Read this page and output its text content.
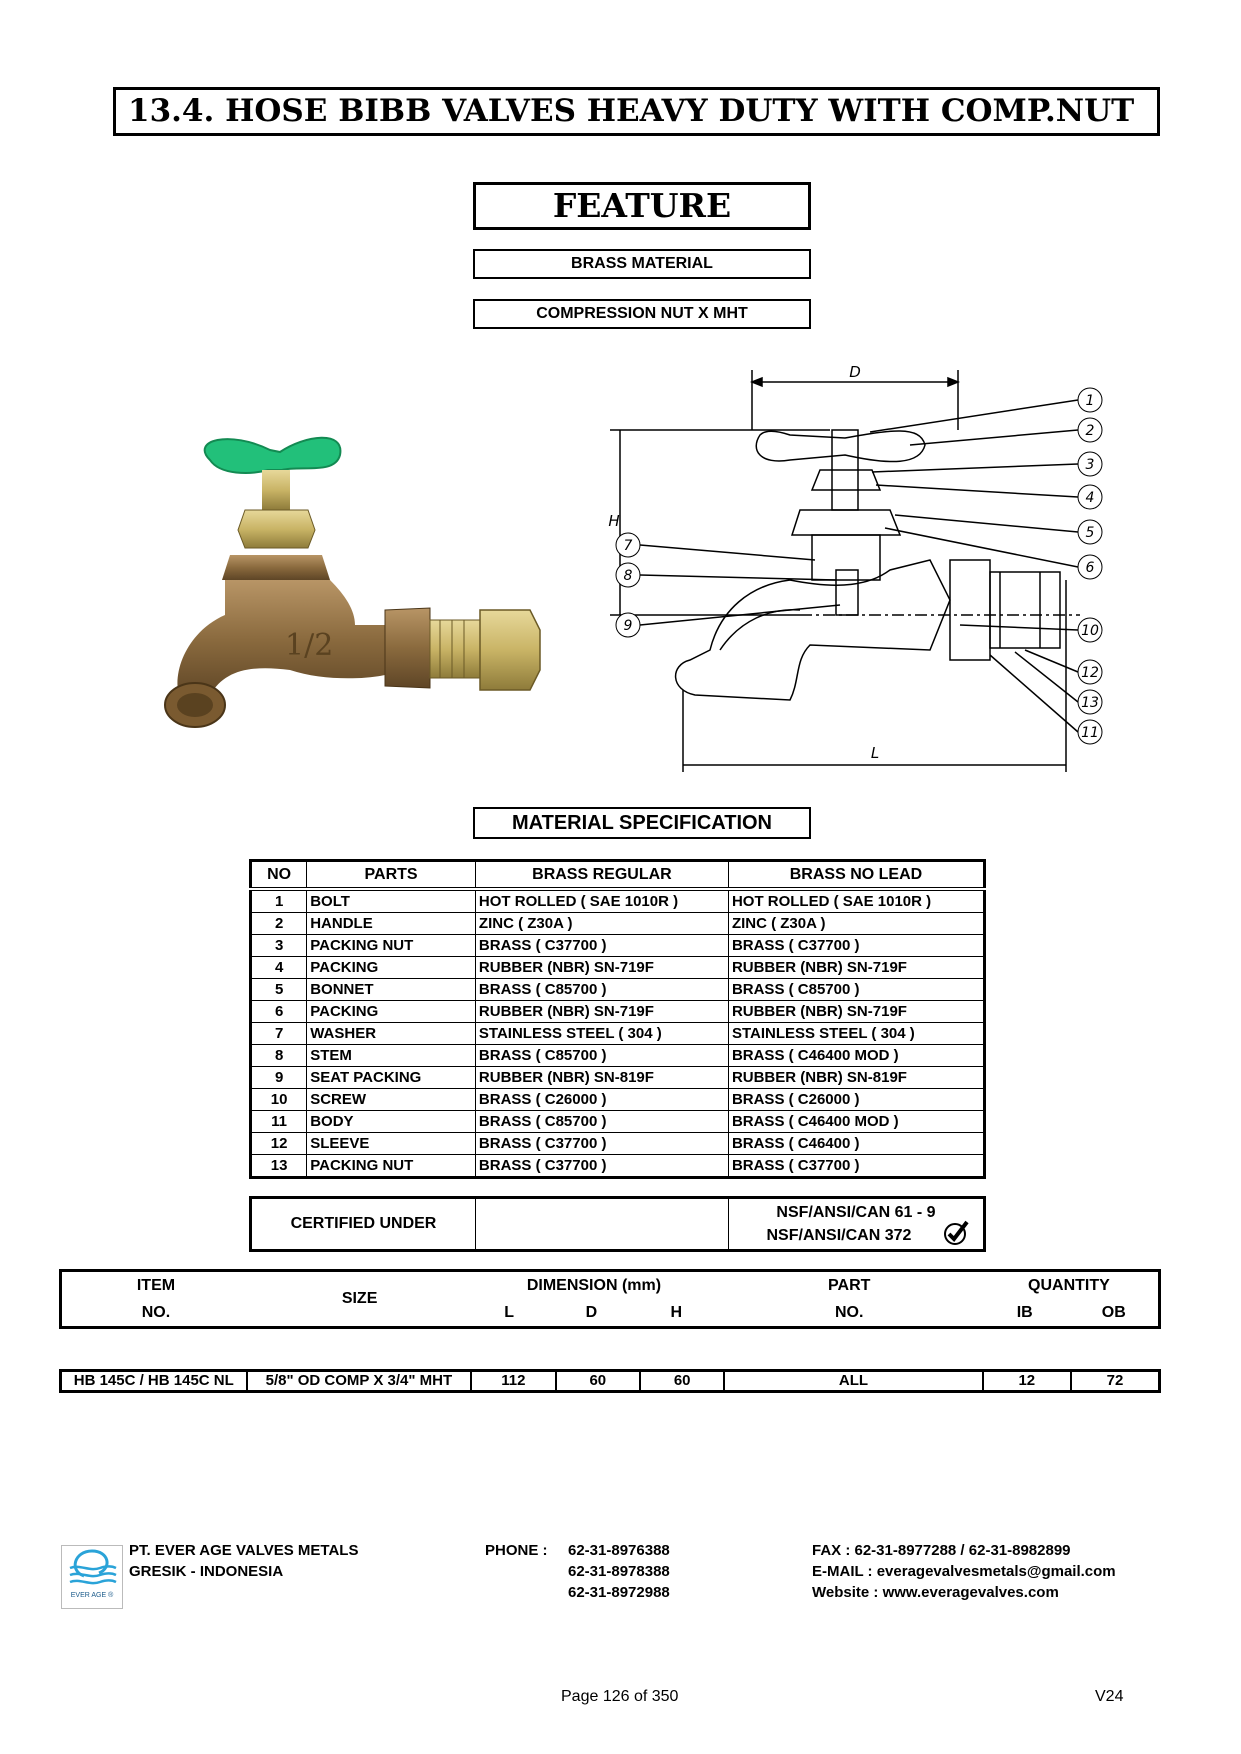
13.4. HOSE BIBB VALVES HEAVY DUTY WITH COMP.NUT
FEATURE
BRASS MATERIAL
COMPRESSION NUT X MHT
1/2
D
H
L
1
2
3
4
5
6
7
8
9	10
11
12
13
MATERIAL SPECIFICATION
NO	PARTS	BRASS REGULAR	BRASS NO LEAD
1	BOLT	HOT ROLLED ( SAE 1010R )	HOT ROLLED ( SAE 1010R )
2	HANDLE	ZINC ( Z30A )	ZINC ( Z30A )
3	PACKING NUT	BRASS ( C37700 )	BRASS ( C37700 )
4	PACKING	RUBBER (NBR) SN-719F	RUBBER (NBR) SN-719F
5	BONNET	BRASS ( C85700 )	BRASS ( C85700 )
6	PACKING	RUBBER (NBR) SN-719F	RUBBER (NBR) SN-719F
7	WASHER	STAINLESS STEEL ( 304 )	STAINLESS STEEL ( 304 )
8	STEM	BRASS ( C85700 )	BRASS ( C46400 MOD )
9	SEAT PACKING	RUBBER (NBR) SN-819F	RUBBER (NBR) SN-819F
10	SCREW	BRASS ( C26000 )	BRASS ( C26000 )
11	BODY	BRASS ( C85700 )	BRASS ( C46400 MOD )
12	SLEEVE	BRASS ( C37700 )	BRASS ( C46400 )
13	PACKING NUT	BRASS ( C37700 )	BRASS ( C37700 )
CERTIFIED UNDER		
NSF/ANSI/CAN 61 - 9
NSF/ANSI/CAN 372
ITEM	SIZE	DIMENSION (mm)			PART	QUANTITY	
NO.		L	D	H	NO.	IB	OB
HB 145C / HB 145C NL	5/8" OD COMP X 3/4" MHT	112	60	60	ALL	12	72
EVER AGE ®
PT. EVER AGE VALVES METALS
GRESIK - INDONESIA
PHONE : 62-31-8976388
62-31-8978388
62-31-8972988
FAX : 62-31-8977288 / 62-31-8982899
E-MAIL : everagevalvesmetals@gmail.com
Website : www.everagevalves.com
Page 126 of 350	V24
